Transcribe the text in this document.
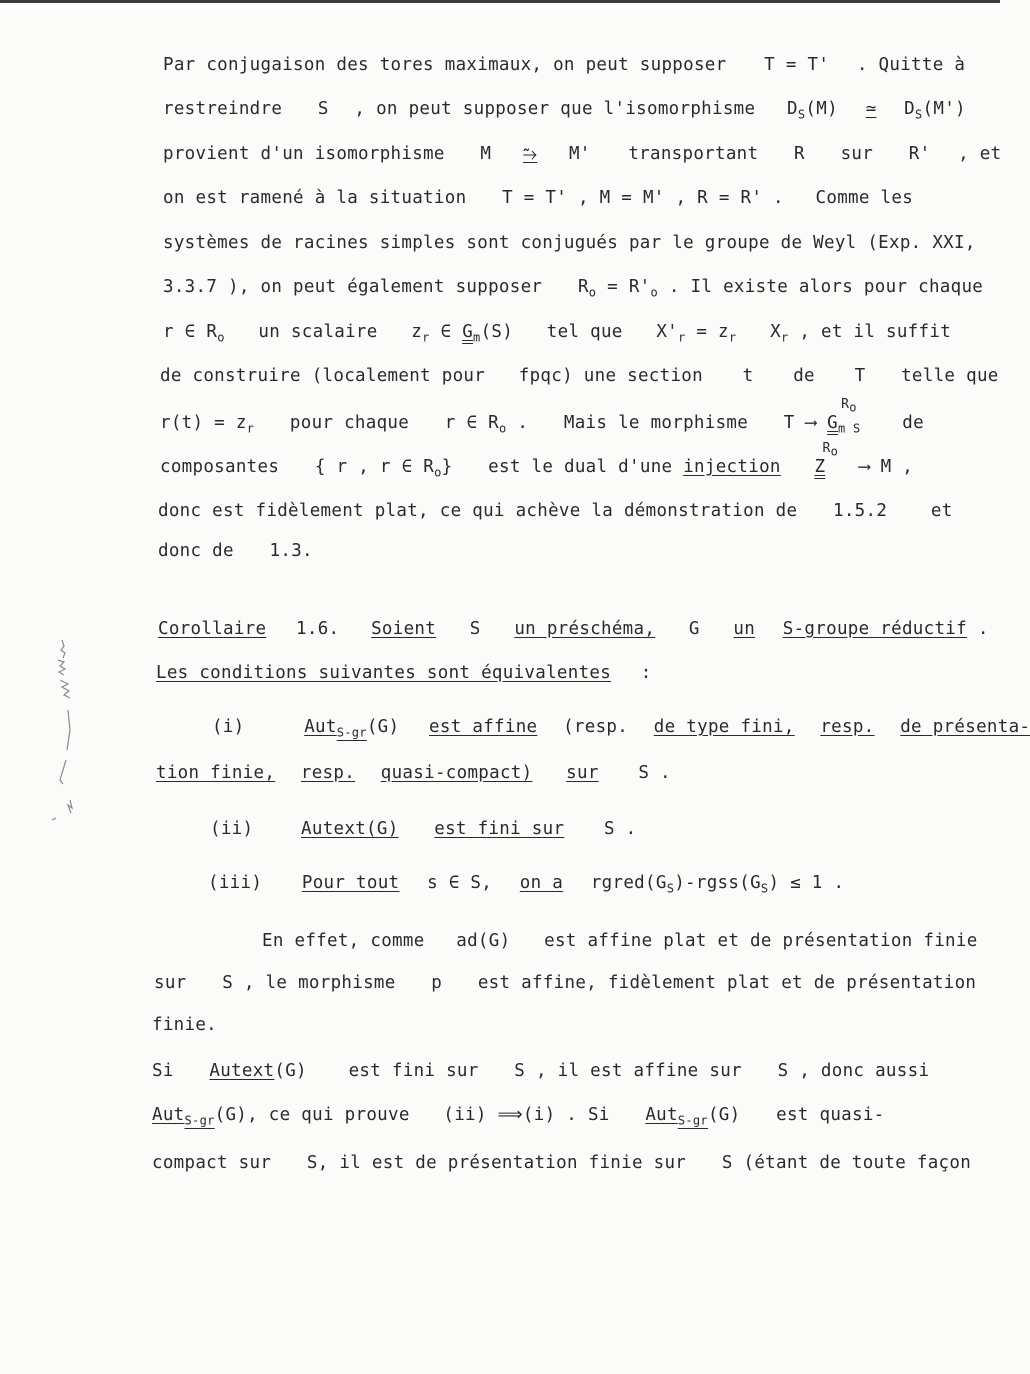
Par conjugaison des tores maximaux, on peut supposer T = T' . Quitte à
restreindre S , on peut supposer que l'isomorphisme $D_S(M)$ ≃ $D_S(M')$
provient d'un isomorphisme M ⥲ M' transportant R sur R' , et
on est ramené à la situation T = T' , M = M' , R = R' . Comme les
systèmes de racines simples sont conjugués par le groupe de Weyl (Exp. XXI,
3.3.7 ), on peut également supposer $R_o = R'_o$ . Il existe alors pour chaque
r ∈ $R_o$ un scalaire $z_r$ ∈ $G_m(S)$ tel que $X'_r = z_r$ $X_r$ , et il suffit
de construire (localement pour fpqc) une section t de T telle que
$r(t) = z_r$ pour chaque r ∈ $R_o$ . Mais le morphisme T ⟶
$R_o$
$G_{m S}$ de
composantes { r , r ∈ $R_o$} est le dual d'une injection
$R_o$
Z ⟶ M ,
donc est fidèlement plat, ce qui achève la démonstration de 1.5.2 et
donc de 1.3.
Corollaire 1.6. Soient S un préschéma, G un S-groupe réductif .
Les conditions suivantes sont équivalentes :
(i)	Aut$_{S-gr}$(G) est affine (resp. de type fini, resp. de présenta-
tion finie, resp. quasi-compact) sur S .
(ii)	Autext(G) est fini sur S .
(iii) Pour tout s ∈ S, on a $rgred(G_S)-rgss(G_S) \le 1$ .
En effet, comme ad(G) est affine plat et de présentation finie
sur S , le morphisme p est affine, fidèlement plat et de présentation
finie.
Si Autext(G) est fini sur S , il est affine sur S , donc aussi
Aut$_{S-gr}$(G), ce qui prouve (ii) ⟹(i) . Si Aut$_{S-gr}$(G) est quasi-
compact sur S, il est de présentation finie sur S (étant de toute façon
